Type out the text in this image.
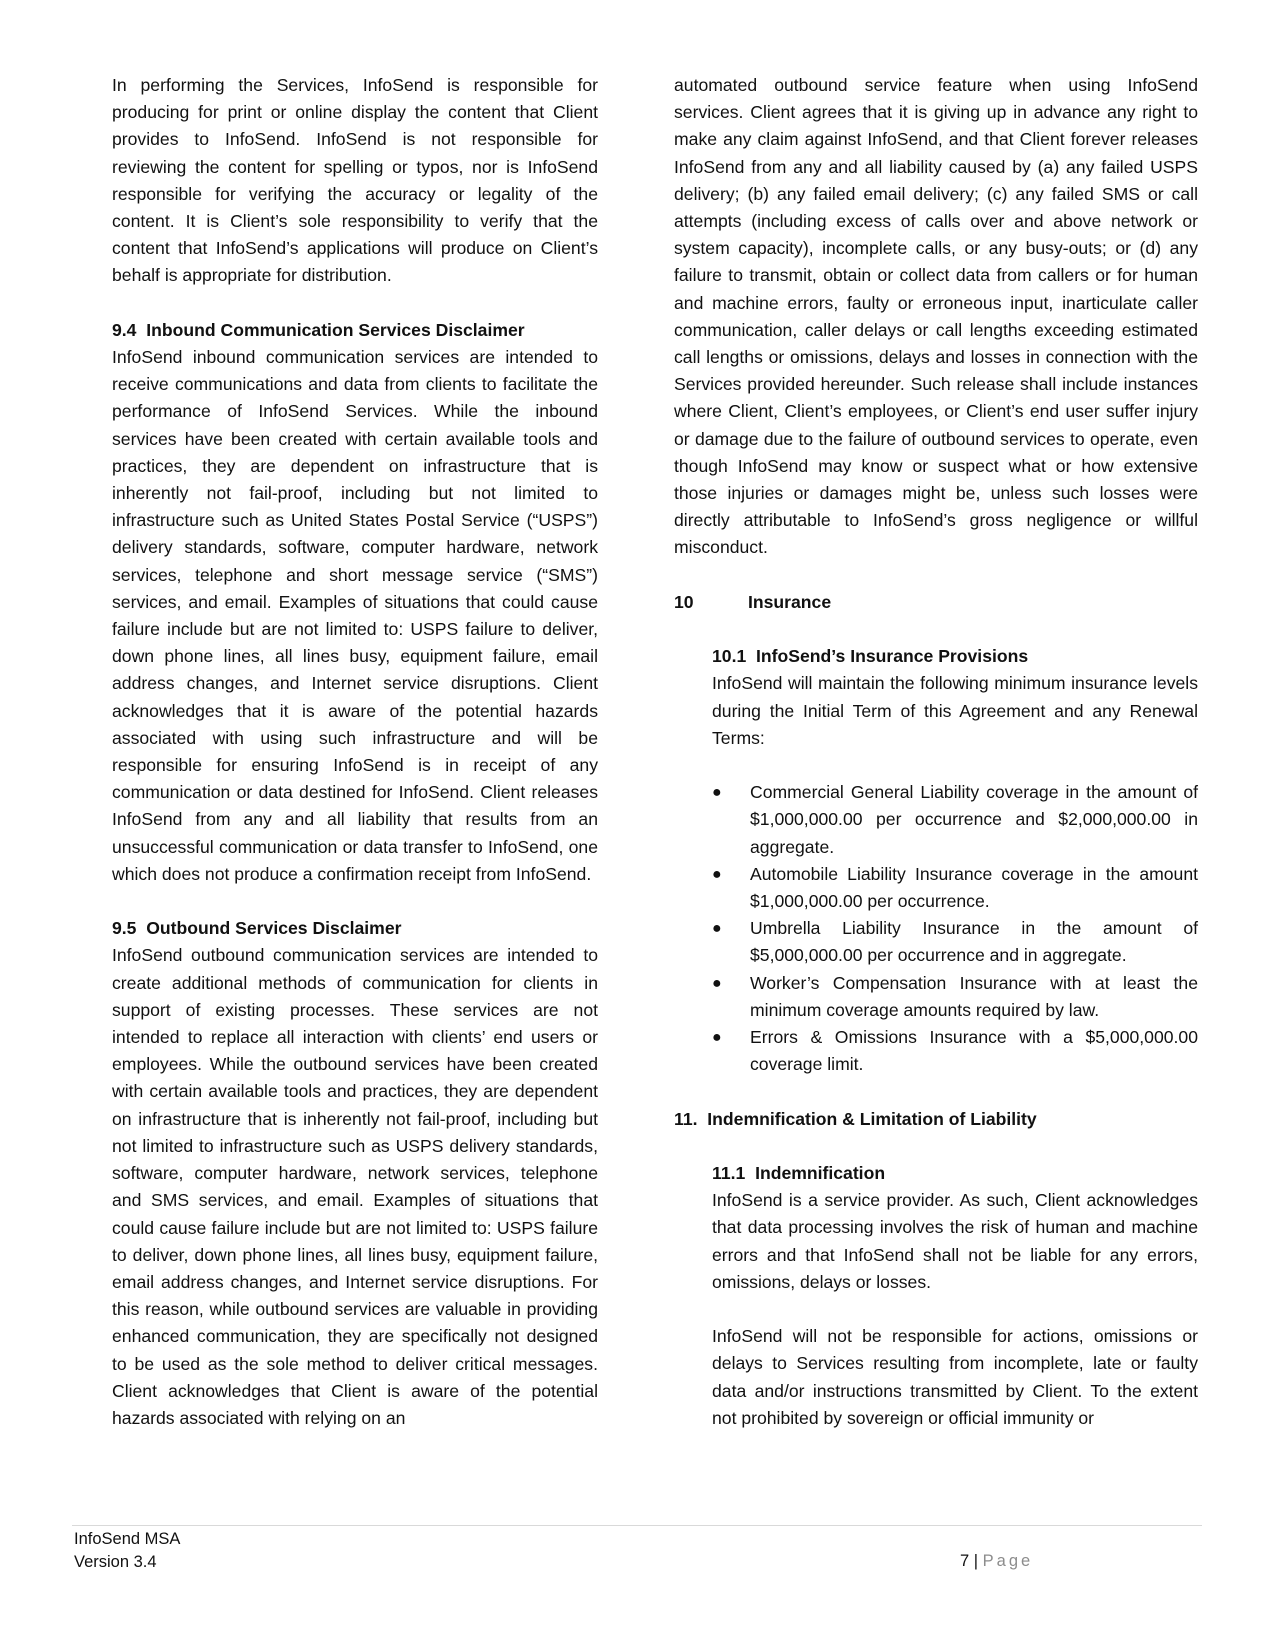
In performing the Services, InfoSend is responsible for producing for print or online display the content that Client provides to InfoSend. InfoSend is not responsible for reviewing the content for spelling or typos, nor is InfoSend responsible for verifying the accuracy or legality of the content. It is Client’s sole responsibility to verify that the content that InfoSend’s applications will produce on Client’s behalf is appropriate for distribution.

9.4 Inbound Communication Services Disclaimer

InfoSend inbound communication services are intended to receive communications and data from clients to facilitate the performance of InfoSend Services. While the inbound services have been created with certain available tools and practices, they are dependent on infrastructure that is inherently not fail-proof, including but not limited to infrastructure such as United States Postal Service (“USPS”) delivery standards, software, computer hardware, network services, telephone and short message service (“SMS”) services, and email. Examples of situations that could cause failure include but are not limited to: USPS failure to deliver, down phone lines, all lines busy, equipment failure, email address changes, and Internet service disruptions. Client acknowledges that it is aware of the potential hazards associated with using such infrastructure and will be responsible for ensuring InfoSend is in receipt of any communication or data destined for InfoSend. Client releases InfoSend from any and all liability that results from an unsuccessful communication or data transfer to InfoSend, one which does not produce a confirmation receipt from InfoSend.

9.5 Outbound Services Disclaimer

InfoSend outbound communication services are intended to create additional methods of communication for clients in support of existing processes. These services are not intended to replace all interaction with clients’ end users or employees. While the outbound services have been created with certain available tools and practices, they are dependent on infrastructure that is inherently not fail-proof, including but not limited to infrastructure such as USPS delivery standards, software, computer hardware, network services, telephone and SMS services, and email. Examples of situations that could cause failure include but are not limited to: USPS failure to deliver, down phone lines, all lines busy, equipment failure, email address changes, and Internet service disruptions. For this reason, while outbound services are valuable in providing enhanced communication, they are specifically not designed to be used as the sole method to deliver critical messages. Client acknowledges that Client is aware of the potential hazards associated with relying on an

automated outbound service feature when using InfoSend services. Client agrees that it is giving up in advance any right to make any claim against InfoSend, and that Client forever releases InfoSend from any and all liability caused by (a) any failed USPS delivery; (b) any failed email delivery; (c) any failed SMS or call attempts (including excess of calls over and above network or system capacity), incomplete calls, or any busy-outs; or (d) any failure to transmit, obtain or collect data from callers or for human and machine errors, faulty or erroneous input, inarticulate caller communication, caller delays or call lengths exceeding estimated call lengths or omissions, delays and losses in connection with the Services provided hereunder. Such release shall include instances where Client, Client’s employees, or Client’s end user suffer injury or damage due to the failure of outbound services to operate, even though InfoSend may know or suspect what or how extensive those injuries or damages might be, unless such losses were directly attributable to InfoSend’s gross negligence or willful misconduct.

10	Insurance

10.1 InfoSend’s Insurance Provisions

InfoSend will maintain the following minimum insurance levels during the Initial Term of this Agreement and any Renewal Terms:

●	Commercial General Liability coverage in the amount of $1,000,000.00 per occurrence and $2,000,000.00 in aggregate.
●	Automobile Liability Insurance coverage in the amount $1,000,000.00 per occurrence.
●	Umbrella Liability Insurance in the amount of $5,000,000.00 per occurrence and in aggregate.
●	Worker’s Compensation Insurance with at least the minimum coverage amounts required by law.
●	Errors & Omissions Insurance with a $5,000,000.00 coverage limit.

11. Indemnification & Limitation of Liability

11.1 Indemnification

InfoSend is a service provider. As such, Client acknowledges that data processing involves the risk of human and machine errors and that InfoSend shall not be liable for any errors, omissions, delays or losses.

InfoSend will not be responsible for actions, omissions or delays to Services resulting from incomplete, late or faulty data and/or instructions transmitted by Client. To the extent not prohibited by sovereign or official immunity or

InfoSend MSA
Version 3.4	7 | Page
